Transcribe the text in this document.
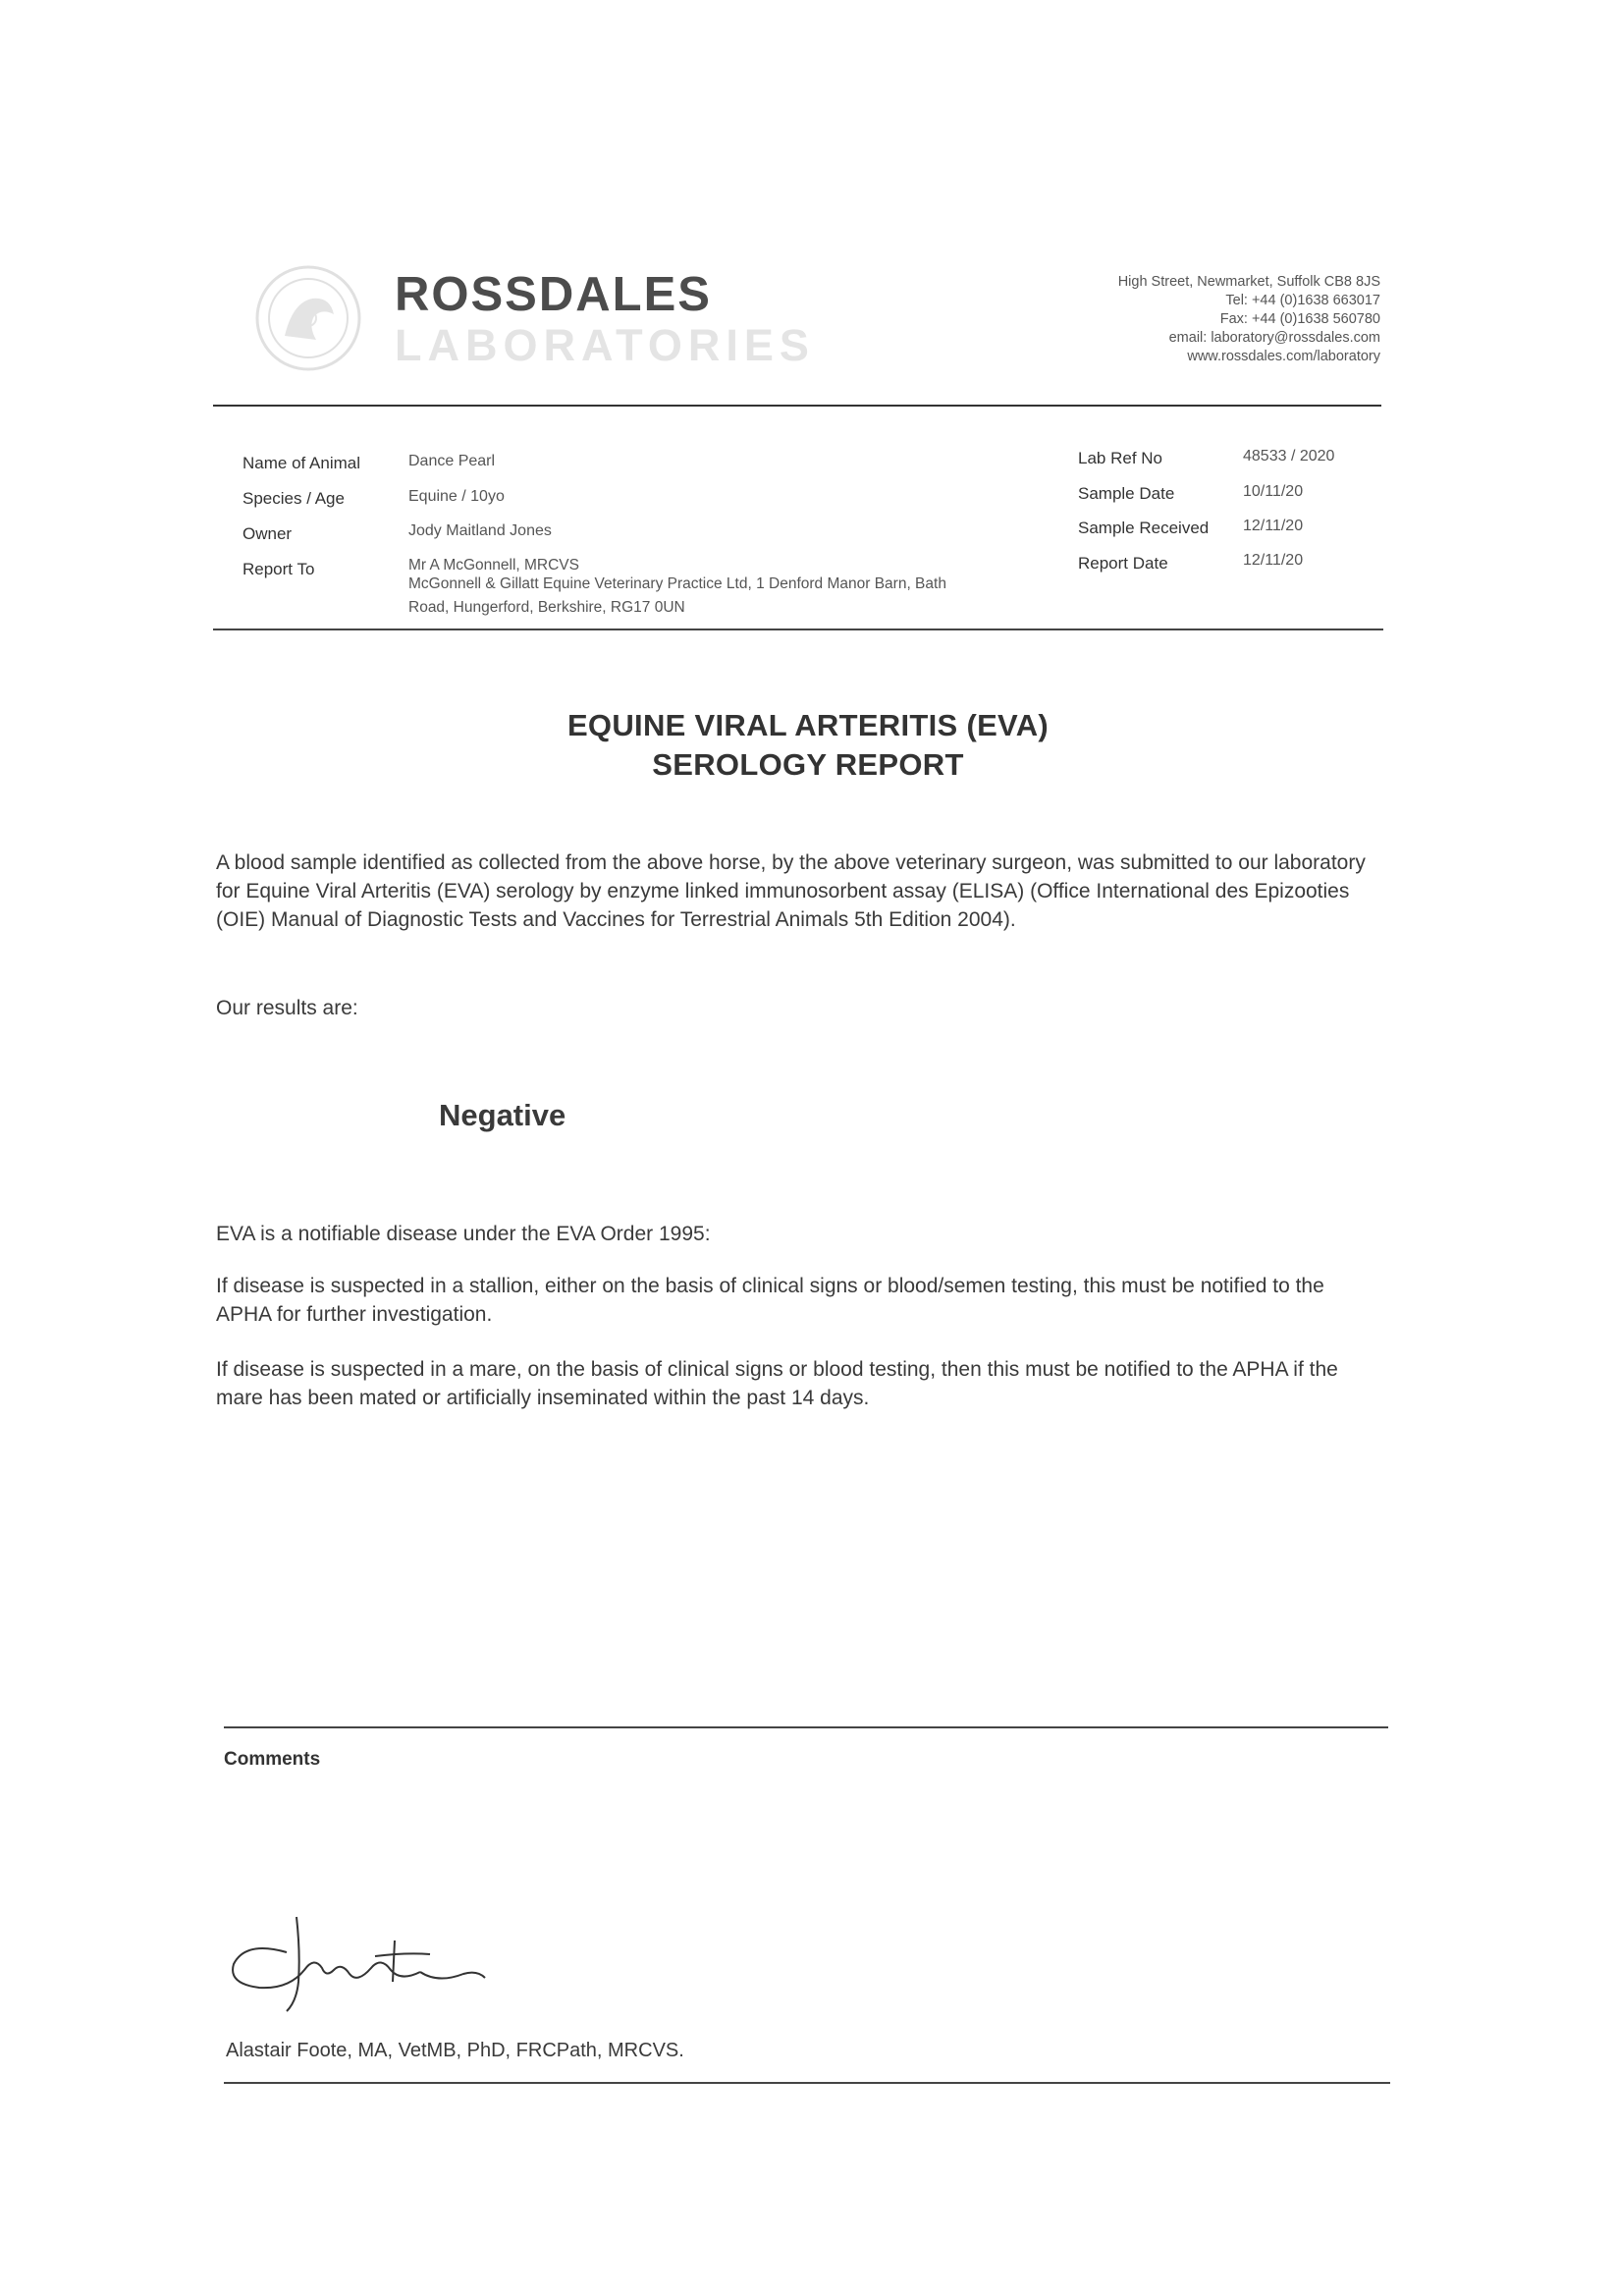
ROSSDALES
LABORATORIES
High Street, Newmarket, Suffolk CB8 8JS
Tel: +44 (0)1638 663017
Fax: +44 (0)1638 560780
email: laboratory@rossdales.com
www.rossdales.com/laboratory
Name of Animal	Dance Pearl
Species / Age	Equine / 10yo
Owner	Jody Maitland Jones
Report To	Mr A McGonnell, MRCVS
McGonnell & Gillatt Equine Veterinary Practice Ltd, 1 Denford Manor Barn, Bath
Road, Hungerford, Berkshire, RG17 0UN
Lab Ref No	48533 / 2020
Sample Date	10/11/20
Sample Received 12/11/20
Report Date	12/11/20
EQUINE VIRAL ARTERITIS (EVA)
SEROLOGY REPORT
A blood sample identified as collected from the above horse, by the above veterinary surgeon, was submitted to our laboratory for Equine Viral Arteritis (EVA) serology by enzyme linked immunosorbent assay (ELISA) (Office International des Epizooties (OIE) Manual of Diagnostic Tests and Vaccines for Terrestrial Animals 5th Edition 2004).
Our results are:
Negative
EVA is a notifiable disease under the EVA Order 1995:
If disease is suspected in a stallion, either on the basis of clinical signs or blood/semen testing, this must be notified to the APHA for further investigation.
If disease is suspected in a mare, on the basis of clinical signs or blood testing, then this must be notified to the APHA if the mare has been mated or artificially inseminated within the past 14 days.
Comments
Alastair Foote, MA, VetMB, PhD, FRCPath, MRCVS.
